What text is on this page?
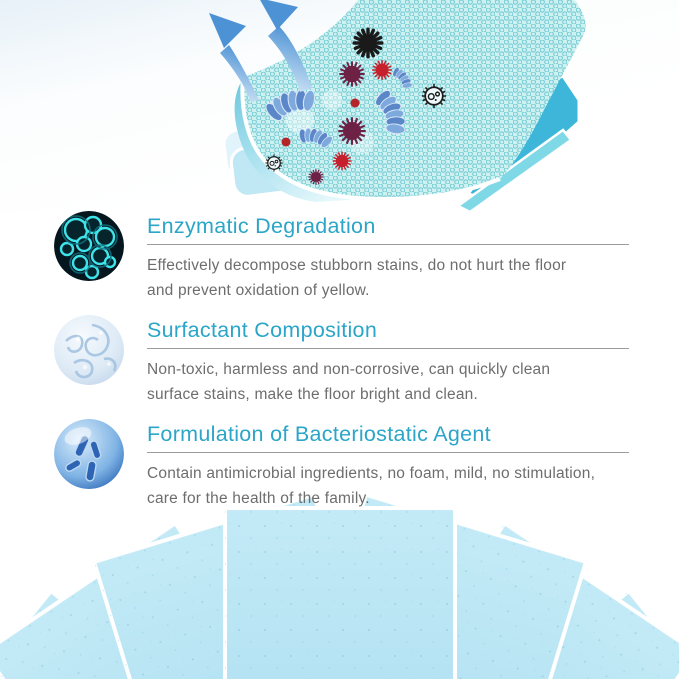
Enzymatic Degradation

Effectively decompose stubborn stains, do not hurt the floor

and prevent oxidation of yellow.

Surfactant Composition

Non-toxic, harmless and non-corrosive, can quickly clean

surface stains, make the floor bright and clean.

Formulation of Bacteriostatic Agent

Contain antimicrobial ingredients, no foam, mild, no stimulation,

care for the health of the family.
